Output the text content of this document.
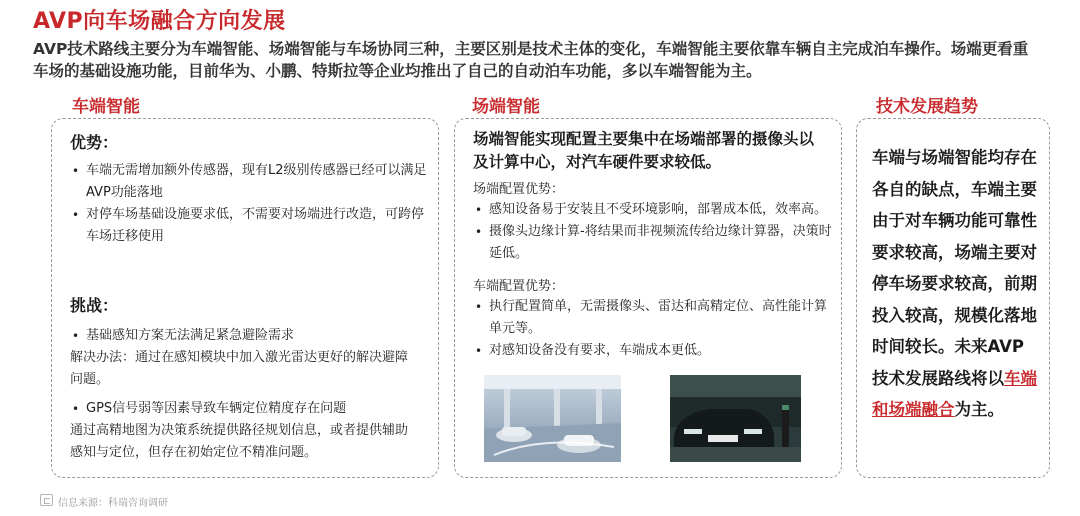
AVP向车场融合方向发展
AVP技术路线主要分为车端智能、场端智能与车场协同三种，主要区别是技术主体的变化，车端智能主要依靠车辆自主完成泊车操作。场端更看重车场的基础设施功能，目前华为、小鹏、特斯拉等企业均推出了自己的自动泊车功能，多以车端智能为主。
车端智能	场端智能	技术发展趋势
优势：
• 车端无需增加额外传感器，现有L2级别传感器已经可以满足AVP功能落地
• 对停车场基础设施要求低，不需要对场端进行改造，可跨停车场迁移使用
挑战：
• 基础感知方案无法满足紧急避险需求
解决办法：通过在感知模块中加入激光雷达更好的解决避障问题。
• GPS信号弱等因素导致车辆定位精度存在问题
通过高精地图为决策系统提供路径规划信息，或者提供辅助感知与定位，但存在初始定位不精准问题。
场端智能实现配置主要集中在场端部署的摄像头以及计算中心，对汽车硬件要求较低。
场端配置优势：
• 感知设备易于安装且不受环境影响，部署成本低，效率高。
• 摄像头边缘计算-将结果而非视频流传给边缘计算器，决策时延低。
车端配置优势：
• 执行配置简单，无需摄像头、雷达和高精定位、高性能计算单元等。
• 对感知设备没有要求，车端成本更低。
车端与场端智能均存在各自的缺点，车端主要由于对车辆功能可靠性要求较高，场端主要对停车场要求较高，前期投入较高，规模化落地时间较长。未来AVP技术发展路线将以车端和场端融合为主。
信息来源：科瑞咨询调研
